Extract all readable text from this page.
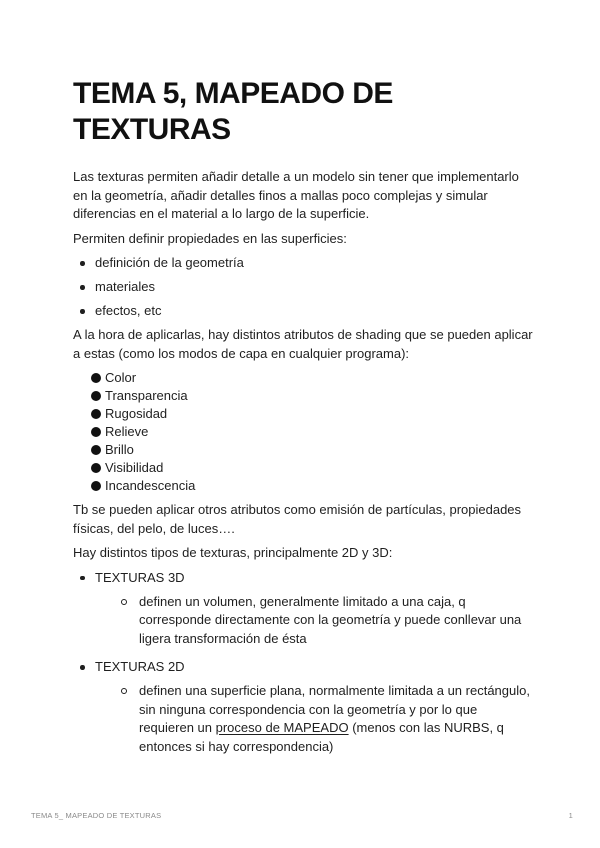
TEMA 5, MAPEADO DE TEXTURAS

Las texturas permiten añadir detalle a un modelo sin tener que implementarlo en la geometría, añadir detalles finos a mallas poco complejas y simular diferencias en el material a lo largo de la superficie.

Permiten definir propiedades en las superficies:

definición de la geometría
materiales
efectos, etc

A la hora de aplicarlas, hay distintos atributos de shading que se pueden aplicar a estas (como los modos de capa en cualquier programa):

Color
Transparencia
Rugosidad
Relieve
Brillo
Visibilidad
Incandescencia

Tb se pueden aplicar otros atributos como emisión de partículas, propiedades físicas, del pelo, de luces….

Hay distintos tipos de texturas, principalmente 2D y 3D:

TEXTURAS 3D
definen un volumen, generalmente limitado a una caja, q corresponde directamente con la geometría y puede conllevar una ligera transformación de ésta
TEXTURAS 2D
definen una superficie plana, normalmente limitada a un rectángulo, sin ninguna correspondencia con la geometría y por lo que requieren un proceso de MAPEADO (menos con las NURBS, q entonces si hay correspondencia)
TEMA 5_ MAPEADO DE TEXTURAS	1
